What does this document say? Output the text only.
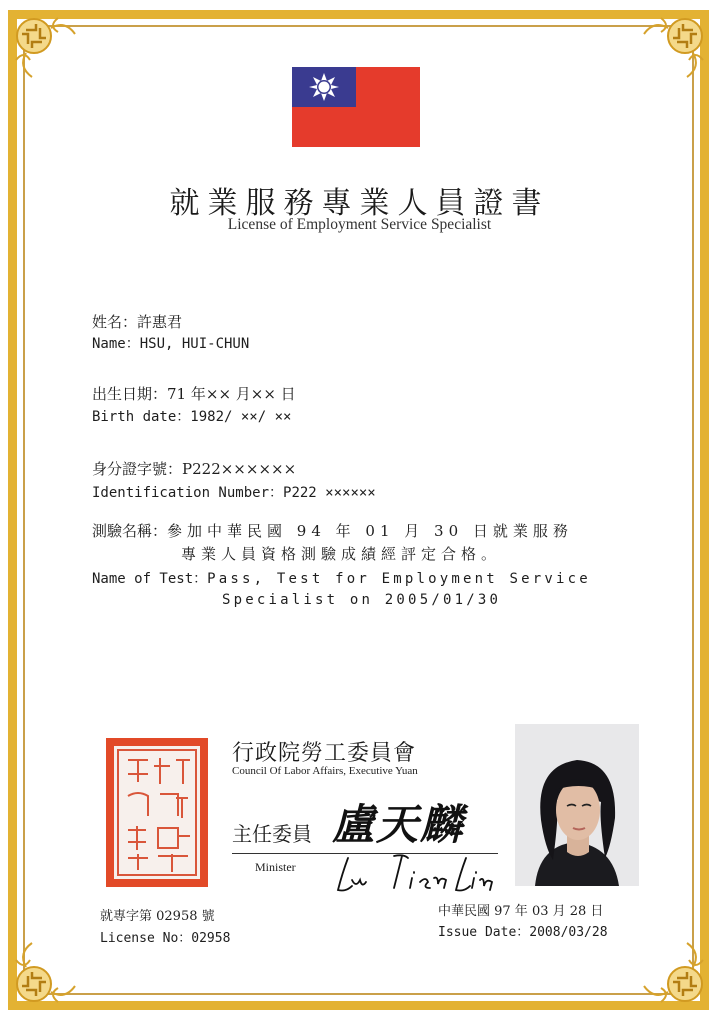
就業服務專業人員證書
License of Employment Service Specialist
姓名：許惠君
Name：HSU, HUI-CHUN
出生日期：71 年×× 月×× 日
Birth date：1982/ ××/ ××
身分證字號：P222××××××
Identification Number：P222 ××××××
測驗名稱：參加中華民國 94 年 01 月 30 日就業服務
專業人員資格測驗成績經評定合格。
Name of Test：Pass, Test for Employment Service
Specialist on 2005/01/30
行政院勞工委員會
Council Of Labor Affairs, Executive Yuan
主任委員 盧天麟
Minister
就專字第 02958 號
License No：02958
中華民國 97 年 03 月 28 日
Issue Date：2008/03/28
